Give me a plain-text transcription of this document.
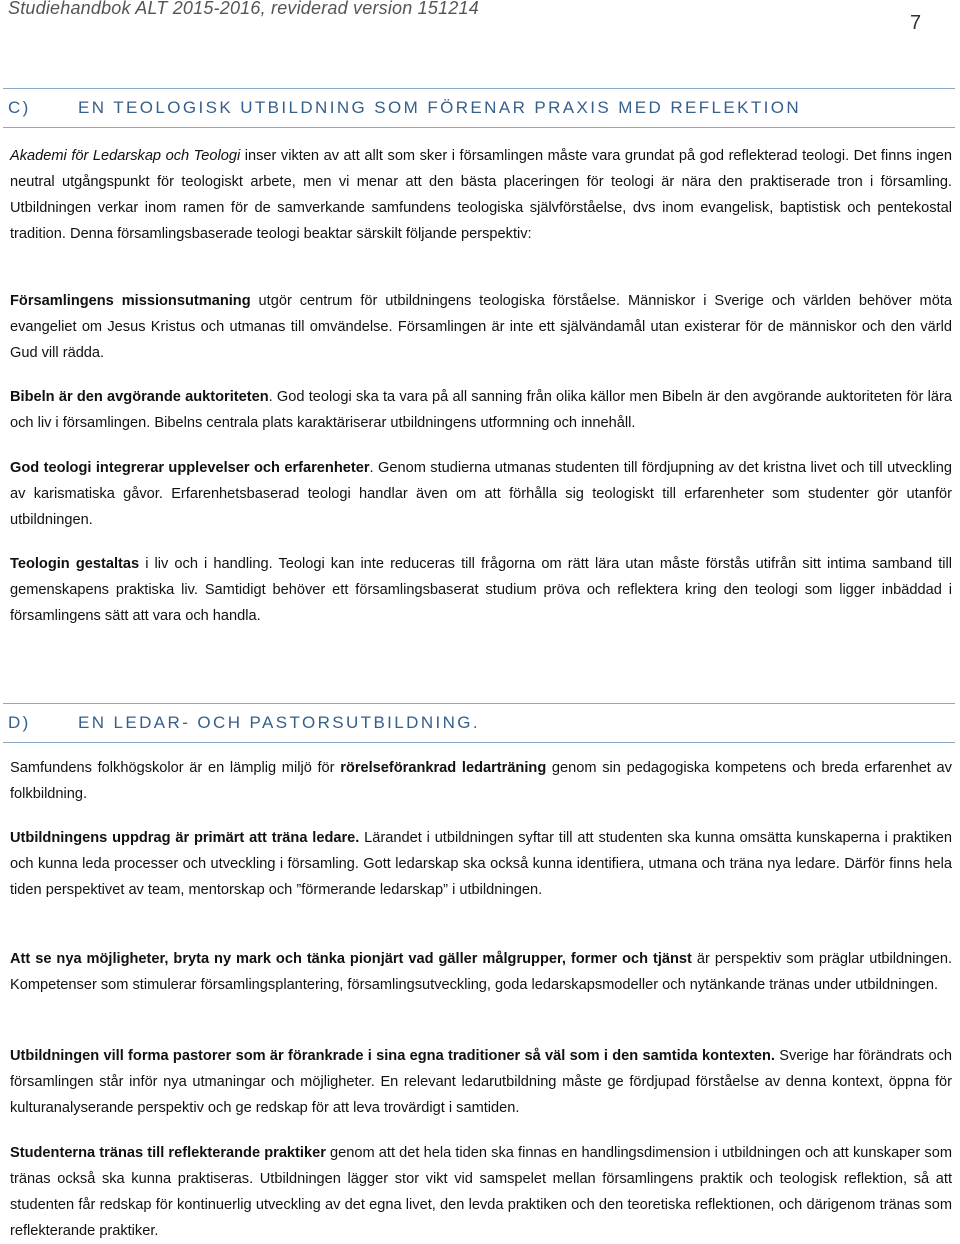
Studiehandbok ALT 2015-2016, reviderad version 151214
7
C)	EN TEOLOGISK UTBILDNING SOM FÖRENAR PRAXIS MED REFLEKTION
Akademi för Ledarskap och Teologi inser vikten av att allt som sker i församlingen måste vara grundat på god reflekterad teologi. Det finns ingen neutral utgångspunkt för teologiskt arbete, men vi menar att den bästa placeringen för teologi är nära den praktiserade tron i församling. Utbildningen verkar inom ramen för de samverkande samfundens teologiska självförståelse, dvs inom evangelisk, baptistisk och pentekostal tradition. Denna församlingsbaserade teologi beaktar särskilt följande perspektiv:
Församlingens missionsutmaning utgör centrum för utbildningens teologiska förståelse. Människor i Sverige och världen behöver möta evangeliet om Jesus Kristus och utmanas till omvändelse. Församlingen är inte ett självändamål utan existerar för de människor och den värld Gud vill rädda.
Bibeln är den avgörande auktoriteten. God teologi ska ta vara på all sanning från olika källor men Bibeln är den avgörande auktoriteten för lära och liv i församlingen. Bibelns centrala plats karaktäriserar utbildningens utformning och innehåll.
God teologi integrerar upplevelser och erfarenheter. Genom studierna utmanas studenten till fördjupning av det kristna livet och till utveckling av karismatiska gåvor. Erfarenhetsbaserad teologi handlar även om att förhålla sig teologiskt till erfarenheter som studenter gör utanför utbildningen.
Teologin gestaltas i liv och i handling. Teologi kan inte reduceras till frågorna om rätt lära utan måste förstås utifrån sitt intima samband till gemenskapens praktiska liv. Samtidigt behöver ett församlingsbaserat studium pröva och reflektera kring den teologi som ligger inbäddad i församlingens sätt att vara och handla.
D)	EN LEDAR- OCH PASTORSUTBILDNING.
Samfundens folkhögskolor är en lämplig miljö för rörelseförankrad ledarträning genom sin pedagogiska kompetens och breda erfarenhet av folkbildning.
Utbildningens uppdrag är primärt att träna ledare. Lärandet i utbildningen syftar till att studenten ska kunna omsätta kunskaperna i praktiken och kunna leda processer och utveckling i församling. Gott ledarskap ska också kunna identifiera, utmana och träna nya ledare. Därför finns hela tiden perspektivet av team, mentorskap och ”förmerande ledarskap” i utbildningen.
Att se nya möjligheter, bryta ny mark och tänka pionjärt vad gäller målgrupper, former och tjänst är perspektiv som präglar utbildningen. Kompetenser som stimulerar församlingsplantering, församlingsutveckling, goda ledarskapsmodeller och nytänkande tränas under utbildningen.
Utbildningen vill forma pastorer som är förankrade i sina egna traditioner så väl som i den samtida kontexten. Sverige har förändrats och församlingen står inför nya utmaningar och möjligheter. En relevant ledarutbildning måste ge fördjupad förståelse av denna kontext, öppna för kulturanalyserande perspektiv och ge redskap för att leva trovärdigt i samtiden.
Studenterna tränas till reflekterande praktiker genom att det hela tiden ska finnas en handlingsdimension i utbildningen och att kunskaper som tränas också ska kunna praktiseras. Utbildningen lägger stor vikt vid samspelet mellan församlingens praktik och teologisk reflektion, så att studenten får redskap för kontinuerlig utveckling av det egna livet, den levda praktiken och den teoretiska reflektionen, och därigenom tränas som reflekterande praktiker.
